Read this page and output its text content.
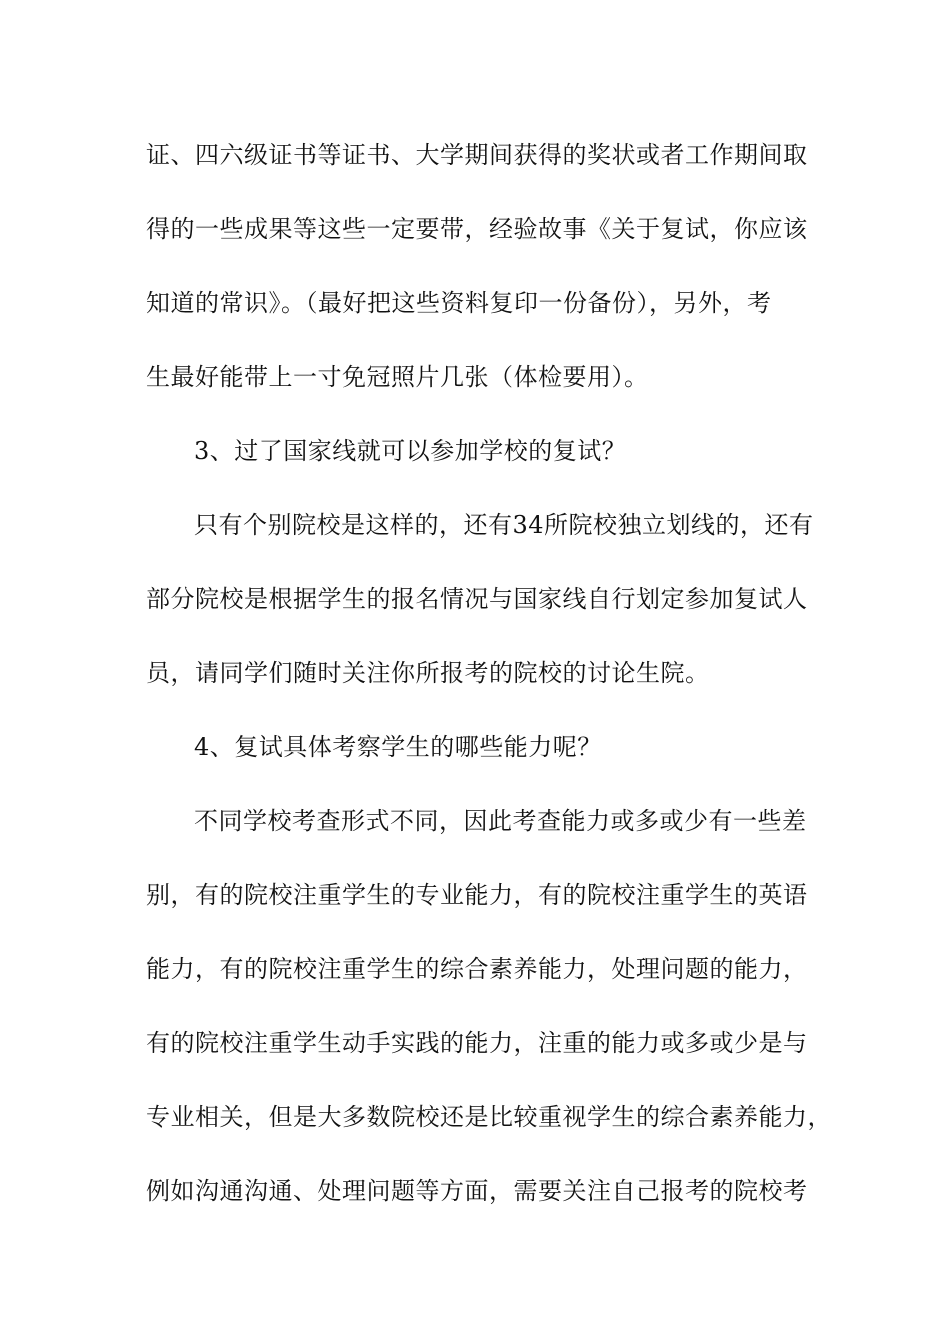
证、四六级证书等证书、大学期间获得的奖状或者工作期间取
得的一些成果等这些一定要带，经验故事《关于复试，你应该
知道的常识》。（最好把这些资料复印一份备份），另外，考
生最好能带上一寸免冠照片几张（体检要用）。
3、过了国家线就可以参加学校的复试？
只有个别院校是这样的，还有34所院校独立划线的，还有
部分院校是根据学生的报名情况与国家线自行划定参加复试人
员，请同学们随时关注你所报考的院校的讨论生院。
4、复试具体考察学生的哪些能力呢？
不同学校考查形式不同，因此考查能力或多或少有一些差
别，有的院校注重学生的专业能力，有的院校注重学生的英语
能力，有的院校注重学生的综合素养能力，处理问题的能力，
有的院校注重学生动手实践的能力，注重的能力或多或少是与
专业相关，但是大多数院校还是比较重视学生的综合素养能力，
例如沟通沟通、处理问题等方面，需要关注自己报考的院校考
